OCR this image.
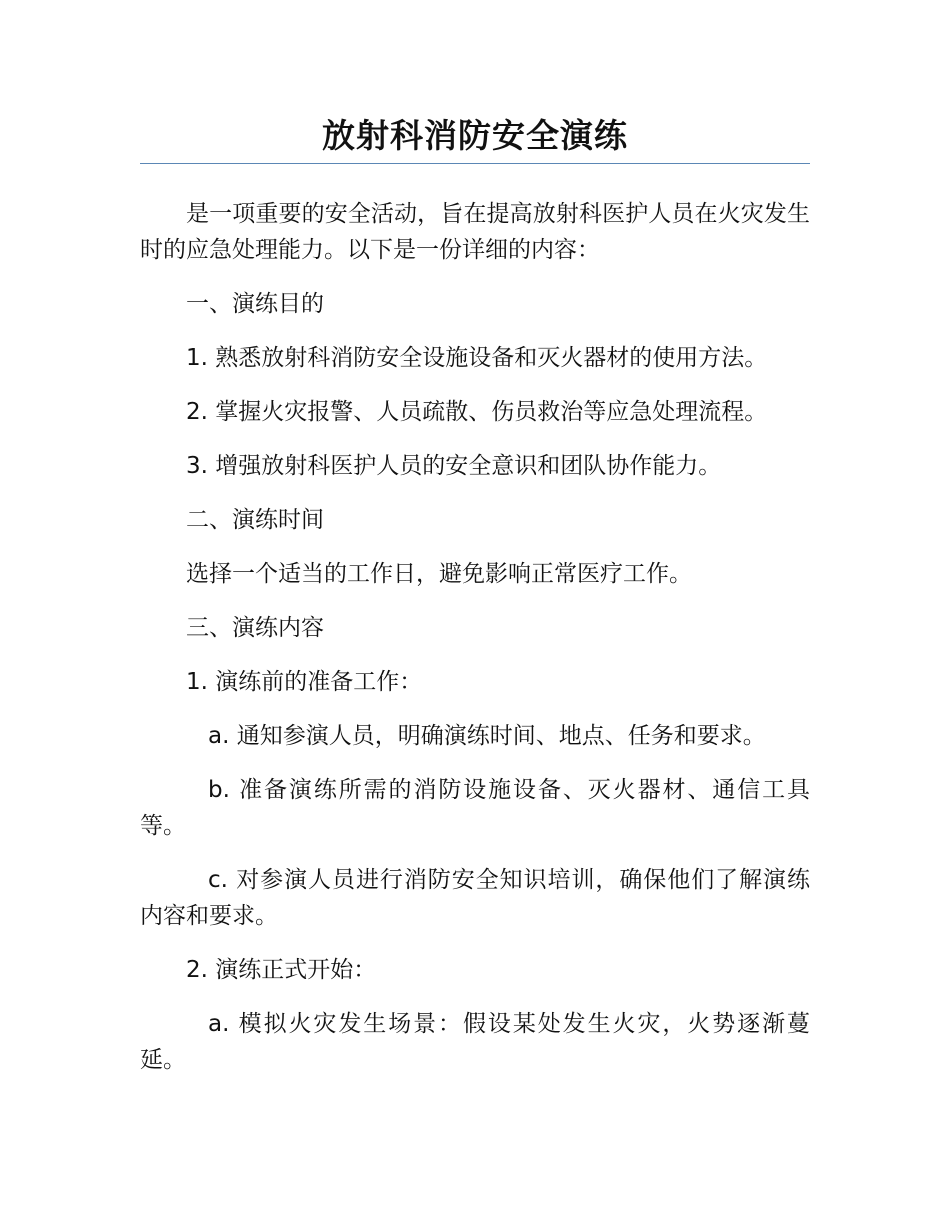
放射科消防安全演练

是一项重要的安全活动，旨在提高放射科医护人员在火灾发生时的应急处理能力。以下是一份详细的内容：

一、演练目的

1. 熟悉放射科消防安全设施设备和灭火器材的使用方法。

2. 掌握火灾报警、人员疏散、伤员救治等应急处理流程。

3. 增强放射科医护人员的安全意识和团队协作能力。

二、演练时间

选择一个适当的工作日，避免影响正常医疗工作。

三、演练内容

1. 演练前的准备工作：

a. 通知参演人员，明确演练时间、地点、任务和要求。

b. 准备演练所需的消防设施设备、灭火器材、通信工具等。

c. 对参演人员进行消防安全知识培训，确保他们了解演练内容和要求。

2. 演练正式开始：

a. 模拟火灾发生场景：假设某处发生火灾，火势逐渐蔓延。
